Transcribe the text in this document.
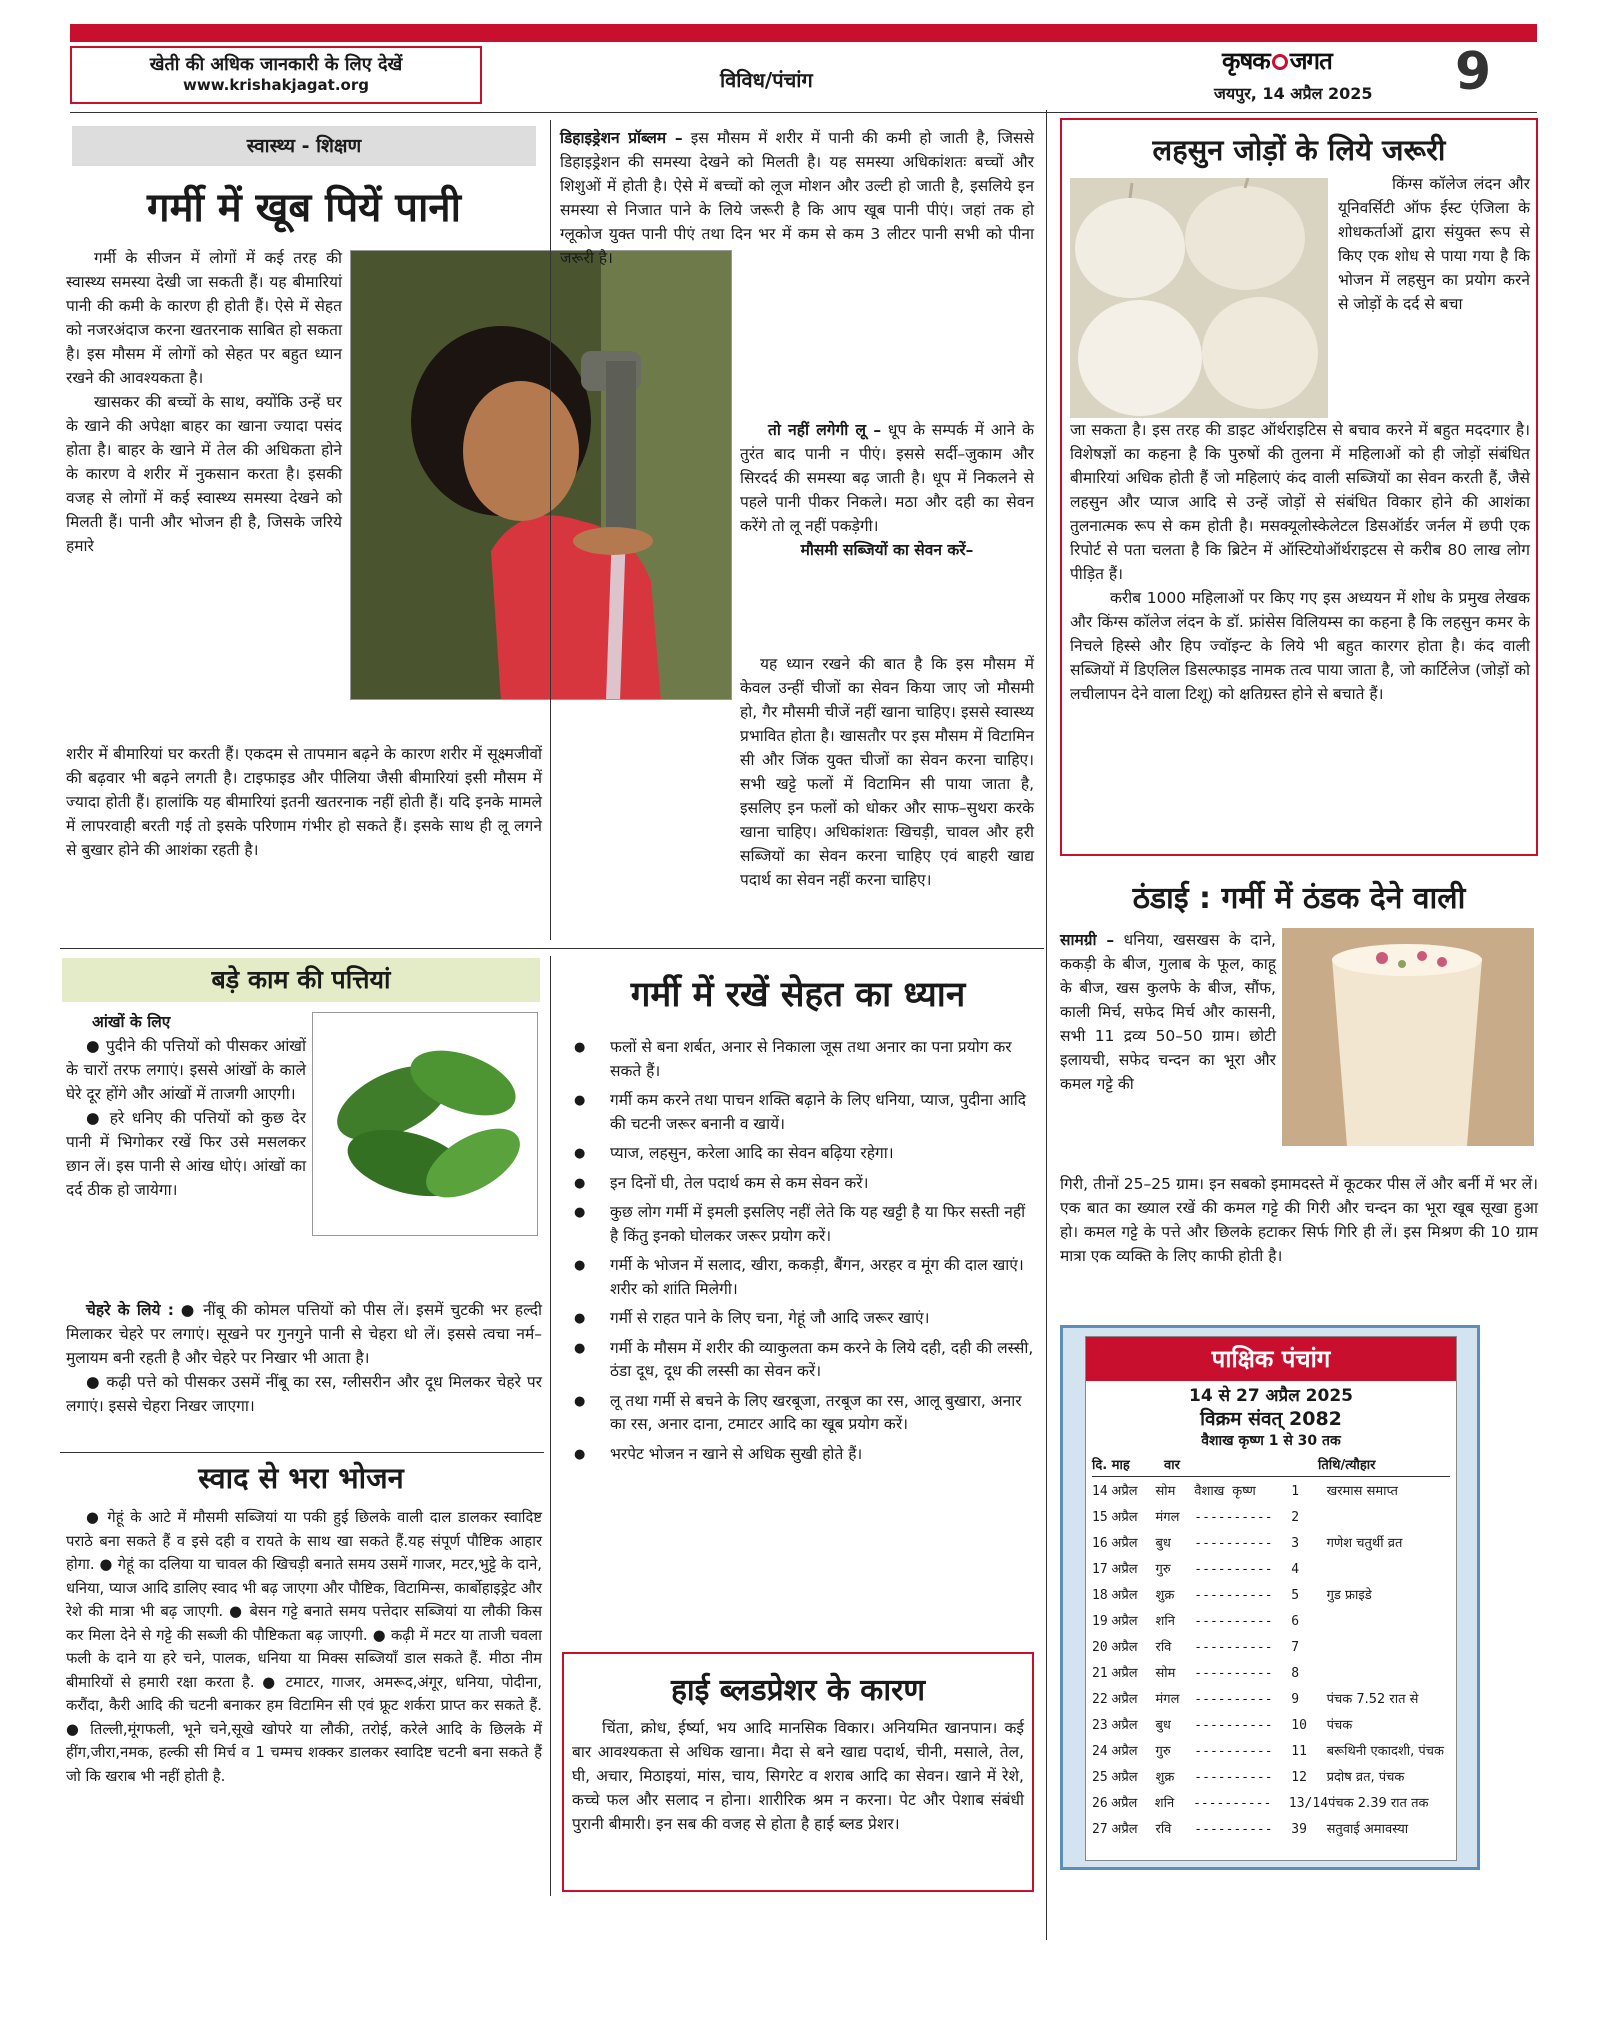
खेती की अधिक जानकारी के लिए देखें
www.krishakjagat.org	विविध/पंचांग
कृषक जगत
जयपुर, 14 अप्रैल 2025 9
स्वास्थ्य - शिक्षण
गर्मी में खूब पियें पानी

गर्मी के सीजन में लोगों में कई तरह की स्वास्थ्य समस्या देखी जा सकती हैं। यह बीमारियां पानी की कमी के कारण ही होती हैं। ऐसे में सेहत को नजरअंदाज करना खतरनाक साबित हो सकता है। इस मौसम में लोगों को सेहत पर बहुत ध्यान रखने की आवश्यकता है।

खासकर की बच्चों के साथ, क्योंकि उन्हें घर के खाने की अपेक्षा बाहर का खाना ज्यादा पसंद होता है। बाहर के खाने में तेल की अधिकता होने के कारण वे शरीर में नुकसान करता है। इसकी वजह से लोगों में कई स्वास्थ्य समस्या देखने को मिलती हैं। पानी और भोजन ही है, जिसके जरिये हमारे

डिहाइड्रेशन प्रॉब्लम – इस मौसम में शरीर में पानी की कमी हो जाती है, जिससे डिहाइड्रेशन की समस्या देखने को मिलती है। यह समस्या अधिकांशतः बच्चों और शिशुओं में होती है। ऐसे में बच्चों को लूज मोशन और उल्टी हो जाती है, इसलिये इन समस्या से निजात पाने के लिये जरूरी है कि आप खूब पानी पीएं। जहां तक हो ग्लूकोज युक्त पानी पीएं तथा दिन भर में कम से कम 3 लीटर पानी सभी को पीना जरूरी है।

तो नहीं लगेगी लू – धूप के सम्पर्क में आने के तुरंत बाद पानी न पीएं। इससे सर्दी–जुकाम और सिरदर्द की समस्या बढ़ जाती है। धूप में निकलने से पहले पानी पीकर निकले। मठा और दही का सेवन करेंगे तो लू नहीं पकड़ेगी।

मौसमी सब्जियों का सेवन करें–

यह ध्यान रखने की बात है कि इस मौसम में केवल उन्हीं चीजों का सेवन किया जाए जो मौसमी हो, गैर मौसमी चीजें नहीं खाना चाहिए। इससे स्वास्थ्य प्रभावित होता है। खासतौर पर इस मौसम में विटामिन सी और जिंक युक्त चीजों का सेवन करना चाहिए। सभी खट्टे फलों में विटामिन सी पाया जाता है, इसलिए इन फलों को धोकर और साफ–सुथरा करके खाना चाहिए। अधिकांशतः खिचड़ी, चावल और हरी सब्जियों का सेवन करना चाहिए एवं बाहरी खाद्य पदार्थ का सेवन नहीं करना चाहिए।

शरीर में बीमारियां घर करती हैं। एकदम से तापमान बढ़ने के कारण शरीर में सूक्ष्मजीवों की बढ़वार भी बढ़ने लगती है। टाइफाइड और पीलिया जैसी बीमारियां इसी मौसम में ज्यादा होती हैं। हालांकि यह बीमारियां इतनी खतरनाक नहीं होती हैं। यदि इनके मामले में लापरवाही बरती गई तो इसके परिणाम गंभीर हो सकते हैं। इसके साथ ही लू लगने से बुखार होने की आशंका रहती है।

लहसुन जोड़ों के लिये जरूरी

किंग्स कॉलेज लंदन और यूनिवर्सिटी ऑफ ईस्ट एंजिला के शोधकर्ताओं द्वारा संयुक्त रूप से किए एक शोध से पाया गया है कि भोजन में लहसुन का प्रयोग करने से जोड़ों के दर्द से बचा

जा सकता है। इस तरह की डाइट ऑर्थराइटिस से बचाव करने में बहुत मददगार है। विशेषज्ञों का कहना है कि पुरुषों की तुलना में महिलाओं को ही जोड़ों संबंधित बीमारियां अधिक होती हैं जो महिलाएं कंद वाली सब्जियों का सेवन करती हैं, जैसे लहसुन और प्याज आदि से उन्हें जोड़ों से संबंधित विकार होने की आशंका तुलनात्मक रूप से कम होती है। मसक्यूलोस्केलेटल डिसऑर्डर जर्नल में छपी एक रिपोर्ट से पता चलता है कि ब्रिटेन में ऑस्टियोऑर्थराइटस से करीब 80 लाख लोग पीड़ित हैं।

करीब 1000 महिलाओं पर किए गए इस अध्ययन में शोध के प्रमुख लेखक और किंग्स कॉलेज लंदन के डॉ. फ्रांसेस विलियम्स का कहना है कि लहसुन कमर के निचले हिस्से और हिप ज्वॉइन्ट के लिये भी बहुत कारगर होता है। कंद वाली सब्जियों में डिएलिल डिसल्फाइड नामक तत्व पाया जाता है, जो कार्टिलेज (जोड़ों को लचीलापन देने वाला टिशू) को क्षतिग्रस्त होने से बचाते हैं।

ठंडाई : गर्मी में ठंडक देने वाली

सामग्री – धनिया, खसखस के दाने, ककड़ी के बीज, गुलाब के फूल, काहू के बीज, खस कुलफे के बीज, सौंफ, काली मिर्च, सफेद मिर्च और कासनी, सभी 11 द्रव्य 50–50 ग्राम। छोटी इलायची, सफेद चन्दन का भूरा और कमल गट्टे की

गिरी, तीनों 25–25 ग्राम। इन सबको इमामदस्ते में कूटकर पीस लें और बर्नी में भर लें। एक बात का ख्याल रखें की कमल गट्टे की गिरी और चन्दन का भूरा खूब सूखा हुआ हो। कमल गट्टे के पत्ते और छिलके हटाकर सिर्फ गिरि ही लें। इस मिश्रण की 10 ग्राम मात्रा एक व्यक्ति के लिए काफी होती है।

पाक्षिक पंचांग
14 से 27 अप्रैल 2025
विक्रम संवत् 2082
वैशाख कृष्ण 1 से 30 तक
दि. माह	वार	तिथि/त्यौहार
14 अप्रैल	सोम	वैशाख कृष्ण	1	खरमास समाप्त
15 अप्रैल	मंगल	----------	2
16 अप्रैल	बुध	----------	3	गणेश चतुर्थी व्रत
17 अप्रैल	गुरु	----------	4
18 अप्रैल	शुक्र	----------	5	गुड फ्राइडे
19 अप्रैल	शनि	----------	6
20 अप्रैल	रवि	----------	7
21 अप्रैल	सोम	----------	8
22 अप्रैल	मंगल	----------	9	पंचक 7.52 रात से
23 अप्रैल	बुध	----------	10	पंचक
24 अप्रैल	गुरु	----------	11	बरूथिनी एकादशी, पंचक
25 अप्रैल	शुक्र	----------	12	प्रदोष व्रत, पंचक
26 अप्रैल	शनि	----------	13/14 पंचक 2.39 रात तक
27 अप्रैल	रवि	----------	39	सतुवाई अमावस्या
बड़े काम की पत्तियां

आंखों के लिए

● पुदीने की पत्तियों को पीसकर आंखों के चारों तरफ लगाएं। इससे आंखों के काले घेरे दूर होंगे और आंखों में ताजगी आएगी।

● हरे धनिए की पत्तियों को कुछ देर पानी में भिगोकर रखें फिर उसे मसलकर छान लें। इस पानी से आंख धोएं। आंखों का दर्द ठीक हो जायेगा।

चेहरे के लिये : ● नींबू की कोमल पत्तियों को पीस लें। इसमें चुटकी भर हल्दी मिलाकर चेहरे पर लगाएं। सूखने पर गुनगुने पानी से चेहरा धो लें। इससे त्वचा नर्म–मुलायम बनी रहती है और चेहरे पर निखार भी आता है।

● कढ़ी पत्ते को पीसकर उसमें नींबू का रस, ग्लीसरीन और दूध मिलकर चेहरे पर लगाएं। इससे चेहरा निखर जाएगा।

स्वाद से भरा भोजन

● गेहूं के आटे में मौसमी सब्जियां या पकी हुई छिलके वाली दाल डालकर स्वादिष्ट पराठे बना सकते हैं व इसे दही व रायते के साथ खा सकते हैं.यह संपूर्ण पौष्टिक आहार होगा. ● गेहूं का दलिया या चावल की खिचड़ी बनाते समय उसमें गाजर, मटर,भुट्टे के दाने, धनिया, प्याज आदि डालिए स्वाद भी बढ़ जाएगा और पौष्टिक, विटामिन्स, कार्बोहाइड्रेट और रेशे की मात्रा भी बढ़ जाएगी. ● बेसन गट्टे बनाते समय पत्तेदार सब्जियां या लौकी किस कर मिला देने से गट्टे की सब्जी की पौष्टिकता बढ़ जाएगी. ● कढ़ी में मटर या ताजी चवला फली के दाने या हरे चने, पालक, धनिया या मिक्स सब्जियाँ डाल सकते हैं. मीठा नीम बीमारियों से हमारी रक्षा करता है. ● टमाटर, गाजर, अमरूद,अंगूर, धनिया, पोदीना, करौंदा, कैरी आदि की चटनी बनाकर हम विटामिन सी एवं फ्रूट शर्करा प्राप्त कर सकते हैं. ● तिल्ली,मूंगफली, भूने चने,सूखे खोपरे या लौकी, तरोई, करेले आदि के छिलके में हींग,जीरा,नमक, हल्की सी मिर्च व 1 चम्मच शक्कर डालकर स्वादिष्ट चटनी बना सकते हैं जो कि खराब भी नहीं होती है.

गर्मी में रखें सेहत का ध्यान
● फलों से बना शर्बत, अनार से निकाला जूस तथा अनार का पना प्रयोग कर सकते हैं।
● गर्मी कम करने तथा पाचन शक्ति बढ़ाने के लिए धनिया, प्याज, पुदीना आदि की चटनी जरूर बनानी व खायें।
● प्याज, लहसुन, करेला आदि का सेवन बढ़िया रहेगा।
● इन दिनों घी, तेल पदार्थ कम से कम सेवन करें।
● कुछ लोग गर्मी में इमली इसलिए नहीं लेते कि यह खट्टी है या फिर सस्ती नहीं है किंतु इनको घोलकर जरूर प्रयोग करें।
● गर्मी के भोजन में सलाद, खीरा, ककड़ी, बैंगन, अरहर व मूंग की दाल खाएं। शरीर को शांति मिलेगी।
● गर्मी से राहत पाने के लिए चना, गेहूं जौ आदि जरूर खाएं।
● गर्मी के मौसम में शरीर की व्याकुलता कम करने के लिये दही, दही की लस्सी, ठंडा दूध, दूध की लस्सी का सेवन करें।
● लू तथा गर्मी से बचने के लिए खरबूजा, तरबूज का रस, आलू बुखारा, अनार का रस, अनार दाना, टमाटर आदि का खूब प्रयोग करें।
● भरपेट भोजन न खाने से अधिक सुखी होते हैं।
हाई ब्लडप्रेशर के कारण

चिंता, क्रोध, ईर्ष्या, भय आदि मानसिक विकार। अनियमित खानपान। कई बार आवश्यकता से अधिक खाना। मैदा से बने खाद्य पदार्थ, चीनी, मसाले, तेल, घी, अचार, मिठाइयां, मांस, चाय, सिगरेट व शराब आदि का सेवन। खाने में रेशे, कच्चे फल और सलाद न होना। शारीरिक श्रम न करना। पेट और पेशाब संबंधी पुरानी बीमारी। इन सब की वजह से होता है हाई ब्लड प्रेशर।
